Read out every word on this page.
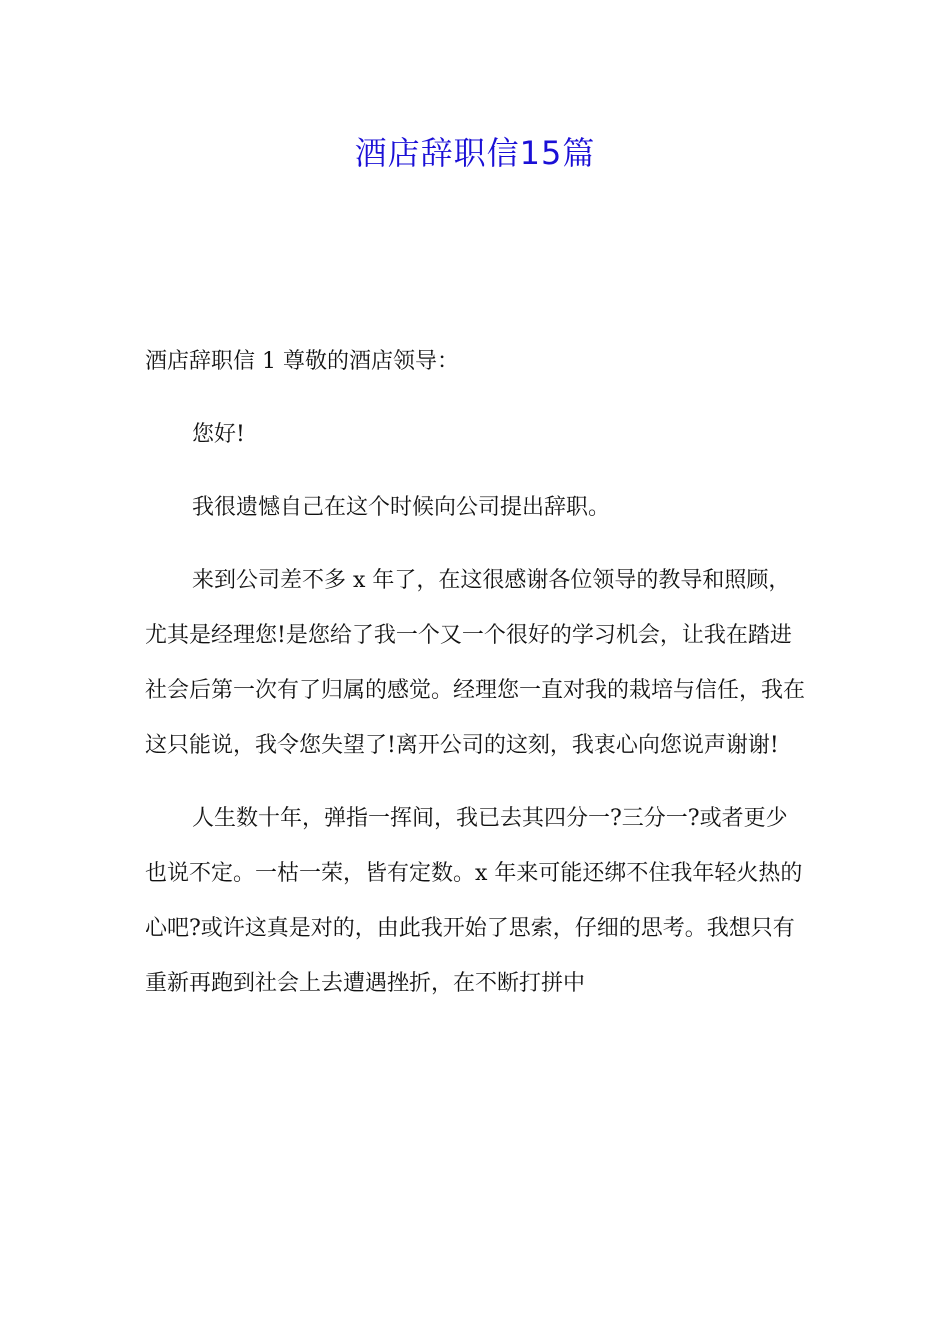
酒店辞职信15篇

酒店辞职信 1 尊敬的酒店领导：

您好!

我很遗憾自己在这个时候向公司提出辞职。

来到公司差不多 x 年了，在这很感谢各位领导的教导和照顾，尤其是经理您!是您给了我一个又一个很好的学习机会，让我在踏进社会后第一次有了归属的感觉。经理您一直对我的栽培与信任，我在这只能说，我令您失望了!离开公司的这刻，我衷心向您说声谢谢!

人生数十年，弹指一挥间，我已去其四分一?三分一?或者更少也说不定。一枯一荣，皆有定数。x 年来可能还绑不住我年轻火热的心吧?或许这真是对的，由此我开始了思索，仔细的思考。我想只有重新再跑到社会上去遭遇挫折，在不断打拼中
